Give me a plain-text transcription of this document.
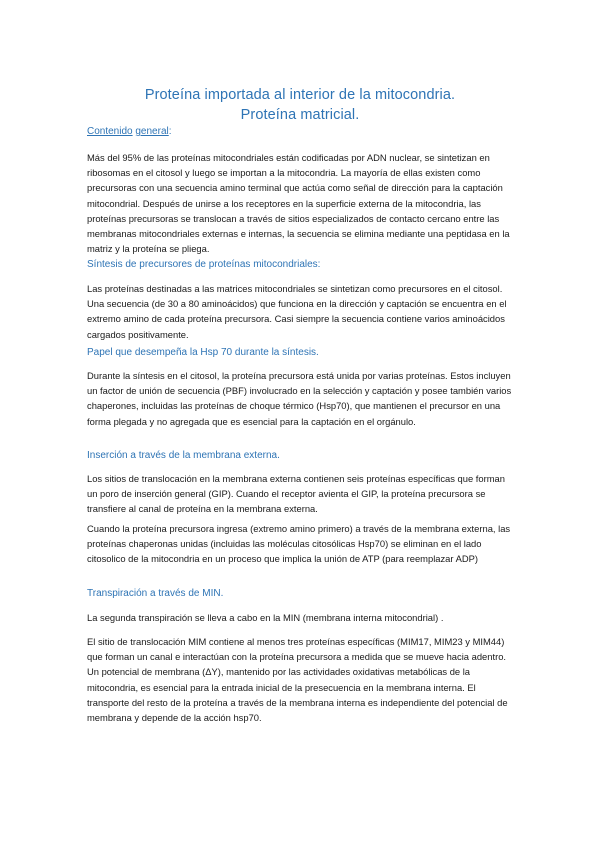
Proteína importada al interior de la mitocondria.
Proteína matricial.
Contenido general:
Más del 95% de las proteínas mitocondriales están codificadas por ADN nuclear, se sintetizan en ribosomas en el citosol y luego se importan a la mitocondria. La mayoría de ellas existen como precursoras con una secuencia amino terminal que actúa como señal de dirección para la captación mitocondrial. Después de unirse a los receptores en la superficie externa de la mitocondria, las proteínas precursoras se translocan a través de sitios especializados de contacto cercano entre las membranas mitocondriales externas e internas, la secuencia se elimina mediante una peptidasa en la matriz y la proteína se pliega.
Síntesis de precursores de proteínas mitocondriales:
Las proteínas destinadas a las matrices mitocondriales se sintetizan como precursores en el citosol. Una secuencia (de 30 a 80 aminoácidos) que funciona en la dirección y captación se encuentra en el extremo amino de cada proteína precursora. Casi siempre la secuencia contiene varios aminoácidos cargados positivamente.
Papel que desempeña la Hsp 70 durante la síntesis.
Durante la síntesis en el citosol, la proteína precursora está unida por varias proteínas. Estos incluyen un factor de unión de secuencia (PBF) involucrado en la selección y captación y posee también varios chaperones, incluidas las proteínas de choque térmico (Hsp70), que mantienen el precursor en una forma plegada y no agregada que es esencial para la captación en el orgánulo.
Inserción a través de la membrana externa.
Los sitios de translocación en la membrana externa contienen seis proteínas específicas que forman un poro de inserción general (GIP). Cuando el receptor avienta el GIP, la proteína precursora se transfiere al canal de proteína en la membrana externa.
Cuando la proteína precursora ingresa (extremo amino primero) a través de la membrana externa, las proteínas chaperonas unidas (incluidas las moléculas citosólicas Hsp70) se eliminan en el lado citosolico de la mitocondria en un proceso que implica la unión de ATP (para reemplazar ADP)
Transpiración a través de MIN.
La segunda transpiración se lleva a cabo en la MIN (membrana interna mitocondrial) .
El sitio de translocación MIM contiene al menos tres proteínas específicas (MIM17, MIM23 y MIM44) que forman un canal e interactúan con la proteína precursora a medida que se mueve hacia adentro. Un potencial de membrana (ΔY), mantenido por las actividades oxidativas metabólicas de la mitocondria, es esencial para la entrada inicial de la presecuencia en la membrana interna. El transporte del resto de la proteína a través de la membrana interna es independiente del potencial de membrana y depende de la acción hsp70.
